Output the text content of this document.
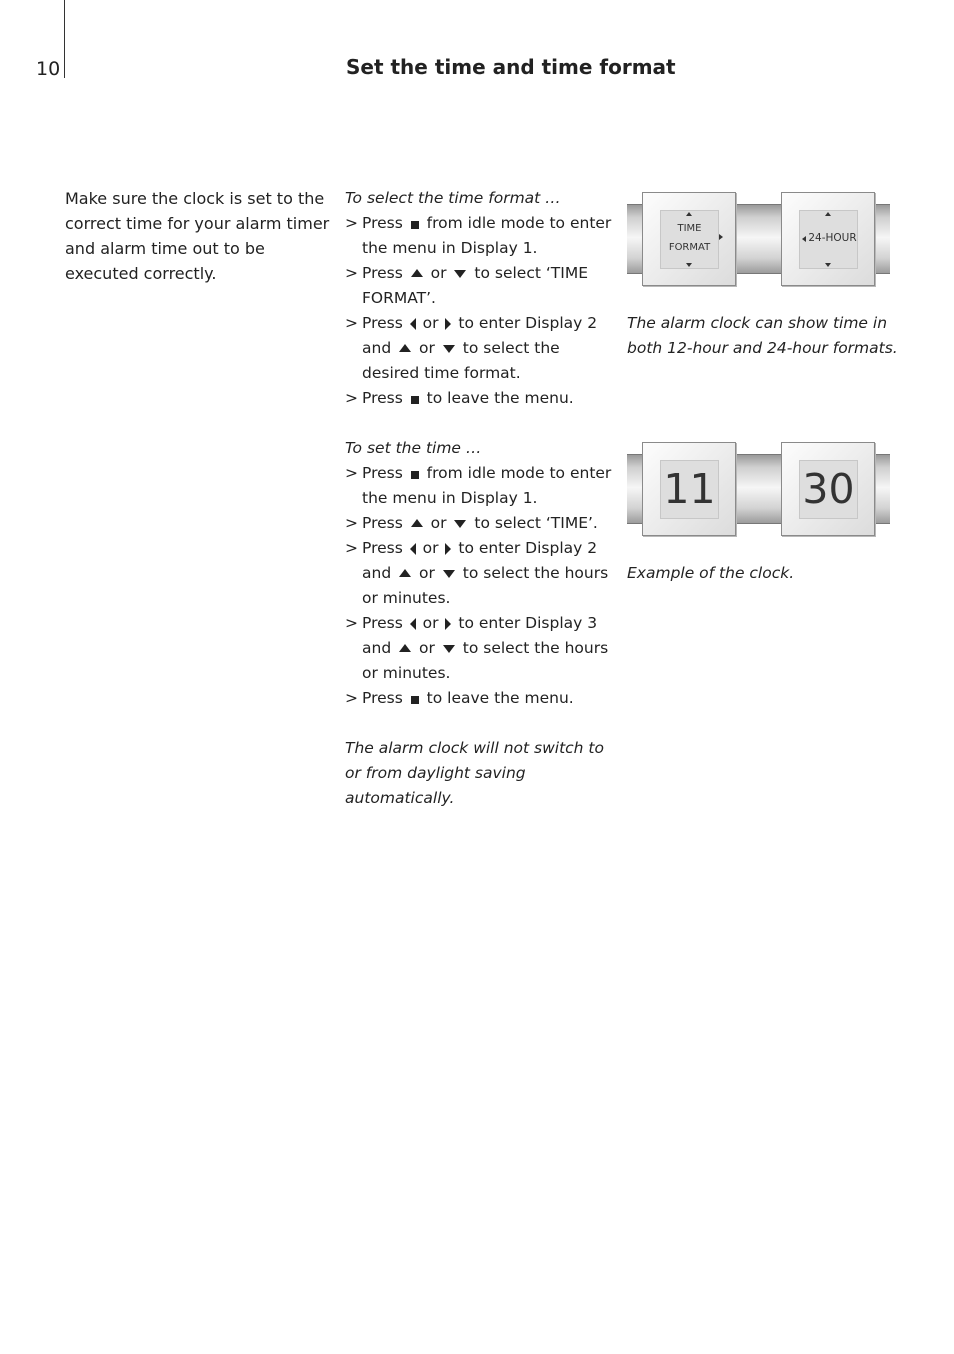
10	Set the time and time format

Make sure the clock is set to the correct time for your alarm timer and alarm time out to be executed correctly.

To select the time format …
> Press from idle mode to enter the menu in Display 1.
> Press or to select ‘TIME FORMAT’.
> Press or to enter Display 2 and or to select the desired time format.
> Press to leave the menu.
To set the time …
> Press from idle mode to enter the menu in Display 1.
> Press or to select ‘TIME’.
> Press or to enter Display 2 and or to select the hours or minutes.
> Press or to enter Display 3 and or to select the hours or minutes.
> Press to leave the menu.

The alarm clock will not switch to or from daylight saving automatically.

TIME
FORMAT
24-HOUR

The alarm clock can show time in both 12-hour and 24-hour formats.

11 30

Example of the clock.
